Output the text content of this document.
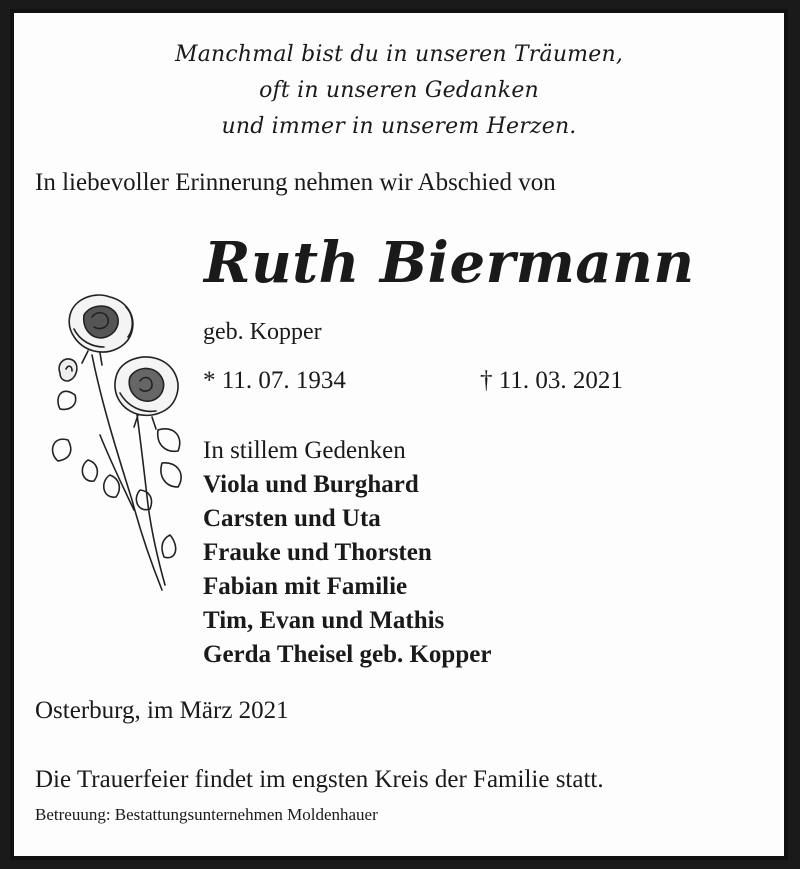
Manchmal bist du in unseren Träumen,
oft in unseren Gedanken
und immer in unserem Herzen.
In liebevoller Erinnerung nehmen wir Abschied von
Ruth Biermann
geb. Kopper
* 11. 07. 1934	† 11. 03. 2021
In stillem Gedenken
Viola und Burghard
Carsten und Uta
Frauke und Thorsten
Fabian mit Familie
Tim, Evan und Mathis
Gerda Theisel geb. Kopper
Osterburg, im März 2021
Die Trauerfeier findet im engsten Kreis der Familie statt.
Betreuung: Bestattungsunternehmen Moldenhauer
